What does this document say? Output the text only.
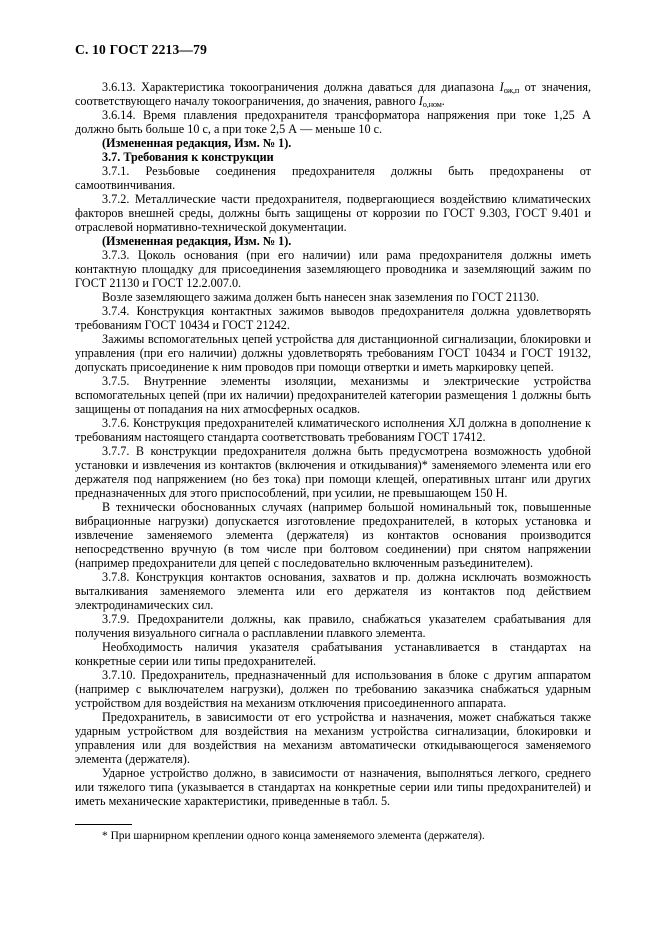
С. 10 ГОСТ 2213—79

3.6.13. Характеристика токоограничения должна даваться для диапазона $I_{ож,п}$ от значения, соответствующего началу токоограничения, до значения, равного $I_{о,ном}$.

3.6.14. Время плавления предохранителя трансформатора напряжения при токе 1,25 А должно быть больше 10 с, а при токе 2,5 А — меньше 10 с.

(Измененная редакция, Изм. № 1).

3.7. Требования к конструкции

3.7.1. Резьбовые соединения предохранителя должны быть предохранены от самоотвинчивания.

3.7.2. Металлические части предохранителя, подвергающиеся воздействию климатических факторов внешней среды, должны быть защищены от коррозии по ГОСТ 9.303, ГОСТ 9.401 и отраслевой нормативно-технической документации.

(Измененная редакция, Изм. № 1).

3.7.3. Цоколь основания (при его наличии) или рама предохранителя должны иметь контактную площадку для присоединения заземляющего проводника и заземляющий зажим по ГОСТ 21130 и ГОСТ 12.2.007.0.

Возле заземляющего зажима должен быть нанесен знак заземления по ГОСТ 21130.

3.7.4. Конструкция контактных зажимов выводов предохранителя должна удовлетворять требованиям ГОСТ 10434 и ГОСТ 21242.

Зажимы вспомогательных цепей устройства для дистанционной сигнализации, блокировки и управления (при его наличии) должны удовлетворять требованиям ГОСТ 10434 и ГОСТ 19132, допускать присоединение к ним проводов при помощи отвертки и иметь маркировку цепей.

3.7.5. Внутренние элементы изоляции, механизмы и электрические устройства вспомогательных цепей (при их наличии) предохранителей категории размещения 1 должны быть защищены от попадания на них атмосферных осадков.

3.7.6. Конструкция предохранителей климатического исполнения ХЛ должна в дополнение к требованиям настоящего стандарта соответствовать требованиям ГОСТ 17412.

3.7.7. В конструкции предохранителя должна быть предусмотрена возможность удобной установки и извлечения из контактов (включения и откидывания)* заменяемого элемента или его держателя под напряжением (но без тока) при помощи клещей, оперативных штанг или других предназначенных для этого приспособлений, при усилии, не превышающем 150 Н.

В технически обоснованных случаях (например большой номинальный ток, повышенные вибрационные нагрузки) допускается изготовление предохранителей, в которых установка и извлечение заменяемого элемента (держателя) из контактов основания производится непосредственно вручную (в том числе при болтовом соединении) при снятом напряжении (например предохранители для цепей с последовательно включенным разъединителем).

3.7.8. Конструкция контактов основания, захватов и пр. должна исключать возможность выталкивания заменяемого элемента или его держателя из контактов под действием электродинамических сил.

3.7.9. Предохранители должны, как правило, снабжаться указателем срабатывания для получения визуального сигнала о расплавлении плавкого элемента.

Необходимость наличия указателя срабатывания устанавливается в стандартах на конкретные серии или типы предохранителей.

3.7.10. Предохранитель, предназначенный для использования в блоке с другим аппаратом (например с выключателем нагрузки), должен по требованию заказчика снабжаться ударным устройством для воздействия на механизм отключения присоединенного аппарата.

Предохранитель, в зависимости от его устройства и назначения, может снабжаться также ударным устройством для воздействия на механизм устройства сигнализации, блокировки и управления или для воздействия на механизм автоматически откидывающегося заменяемого элемента (держателя).

Ударное устройство должно, в зависимости от назначения, выполняться легкого, среднего или тяжелого типа (указывается в стандартах на конкретные серии или типы предохранителей) и иметь механические характеристики, приведенные в табл. 5.

* При шарнирном креплении одного конца заменяемого элемента (держателя).
